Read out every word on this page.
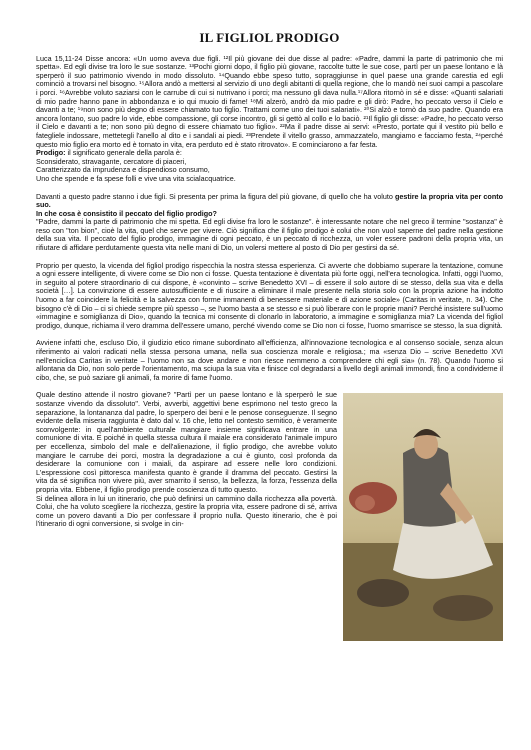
IL FIGLIOL PRODIGO

Luca 15,11-24 Disse ancora: «Un uomo aveva due figli. ¹²Il più giovane dei due disse al padre: «Padre, dammi la parte di patrimonio che mi spetta». Ed egli divise tra loro le sue sostanze. ¹³Pochi giorni dopo, il figlio più giovane, raccolte tutte le sue cose, partì per un paese lontano e là sperperò il suo patrimonio vivendo in modo dissoluto. ¹⁴Quando ebbe speso tutto, sopraggiunse in quel paese una grande carestia ed egli cominciò a trovarsi nel bisogno. ¹⁵Allora andò a mettersi al servizio di uno degli abitanti di quella regione, che lo mandò nei suoi campi a pascolare i porci. ¹⁶Avrebbe voluto saziarsi con le carrube di cui si nutrivano i porci; ma nessuno gli dava nulla.¹⁷Allora ritornò in sé e disse: «Quanti salariati di mio padre hanno pane in abbondanza e io qui muoio di fame! ¹⁸Mi alzerò, andrò da mio padre e gli dirò: Padre, ho peccato verso il Cielo e davanti a te; ¹⁹non sono più degno di essere chiamato tuo figlio. Trattami come uno dei tuoi salariati». ²⁰Si alzò e tornò da suo padre. Quando era ancora lontano, suo padre lo vide, ebbe compassione, gli corse incontro, gli si gettò al collo e lo baciò. ²¹Il figlio gli disse: «Padre, ho peccato verso il Cielo e davanti a te; non sono più degno di essere chiamato tuo figlio». ²²Ma il padre disse ai servi: «Presto, portate qui il vestito più bello e fategliele indossare, mettetegli l'anello al dito e i sandali ai piedi. ²³Prendete il vitello grasso, ammazzatelo, mangiamo e facciamo festa, ²⁴perché questo mio figlio era morto ed è tornato in vita, era perduto ed è stato ritrovato». E cominciarono a far festa.

Prodigo: il significato generale della parola è:

Sconsiderato, stravagante, cercatore di piaceri,

Caratterizzato da imprudenza e dispendioso consumo,

Uno che spende e fa spese folli e vive una vita scialacquatrice.

Davanti a questo padre stanno i due figli. Si presenta per prima la figura del più giovane, di quello che ha voluto gestire la propria vita per conto suo.

In che cosa è consistito il peccato del figlio prodigo?

"Padre, dammi la parte di patrimonio che mi spetta. Ed egli divise fra loro le sostanze". è interessante notare che nel greco il termine "sostanza" è reso con "ton bion", cioè la vita, quel che serve per vivere. Ciò significa che il figlio prodigo è colui che non vuol saperne del padre nella gestione della sua vita. Il peccato del figlio prodigo, immagine di ogni peccato, è un peccato di ricchezza, un voler essere padroni della propria vita, un rifiutare di affidare perdutamente questa vita nelle mani di Dio, un volersi mettere al posto di Dio per gestirsi da sé.

Proprio per questo, la vicenda del figliol prodigo rispecchia la nostra stessa esperienza. Ci avverte che dobbiamo superare la tentazione, comune a ogni essere intelligente, di vivere come se Dio non ci fosse. Questa tentazione è diventata più forte oggi, nell'era tecnologica. Infatti, oggi l'uomo, in seguito al potere straordinario di cui dispone, è «convinto – scrive Benedetto XVI – di essere il solo autore di se stesso, della sua vita e della società […]. La convinzione di essere autosufficiente e di riuscire a eliminare il male presente nella storia solo con la propria azione ha indotto l'uomo a far coincidere la felicità e la salvezza con forme immanenti di benessere materiale e di azione sociale» (Caritas in veritate, n. 34). Che bisogno c'è di Dio – ci si chiede sempre più spesso –, se l'uomo basta a se stesso e si può liberare con le proprie mani? Perché insistere sull'uomo «immagine e somiglianza di Dio», quando la tecnica mi consente di clonarlo in laboratorio, a immagine e somiglianza mia? La vicenda del figliol prodigo, dunque, richiama il vero dramma dell'essere umano, perché vivendo come se Dio non ci fosse, l'uomo smarrisce se stesso, la sua dignità.

Avviene infatti che, escluso Dio, il giudizio etico rimane subordinato all'efficienza, all'innovazione tecnologica e al consenso sociale, senza alcun riferimento ai valori radicati nella stessa persona umana, nella sua coscienza morale e religiosa.; ma «senza Dio – scrive Benedetto XVI nell'enciclica Caritas in veritate – l'uomo non sa dove andare e non riesce nemmeno a comprendere chi egli sia» (n. 78). Quando l'uomo si allontana da Dio, non solo perde l'orientamento, ma sciupa la sua vita e finisce col degradarsi a livello degli animali immondi, fino a condividerne il cibo, che, se può saziare gli animali, fa morire di fame l'uomo.

Quale destino attende il nostro giovane? "Partì per un paese lontano e là sperperò le sue sostanze vivendo da dissoluto". Verbi, avverbi, aggettivi bene esprimono nel testo greco la separazione, la lontananza dal padre, lo sperpero dei beni e le penose conseguenze. Il segno evidente della miseria raggiunta è dato dal v. 16 che, letto nel contesto semitico, è veramente sconvolgente: in quell'ambiente culturale mangiare insieme significava entrare in una comunione di vita. E poiché in quella stessa cultura il maiale era considerato l'animale impuro per eccellenza, simbolo del male e dell'alienazione, il figlio prodigo, che avrebbe voluto mangiare le carrube dei porci, mostra la degradazione a cui è giunto, così profonda da desiderare la comunione con i maiali, da aspirare ad essere nelle loro condizioni. L'espressione così pittoresca manifesta quanto è grande il dramma del peccato. Gestirsi la vita da sé significa non vivere più, aver smarrito il senso, la bellezza, la forza, l'essenza della propria vita. Ebbene, il figlio prodigo prende coscienza di tutto questo.

Si delinea allora in lui un itinerario, che può definirsi un cammino dalla ricchezza alla povertà. Colui, che ha voluto scegliere la ricchezza, gestire la propria vita, essere padrone di sé, arriva come un povero davanti a Dio per confessare il proprio nulla. Questo itinerario, che è poi l'itinerario di ogni conversione, si svolge in cin-
